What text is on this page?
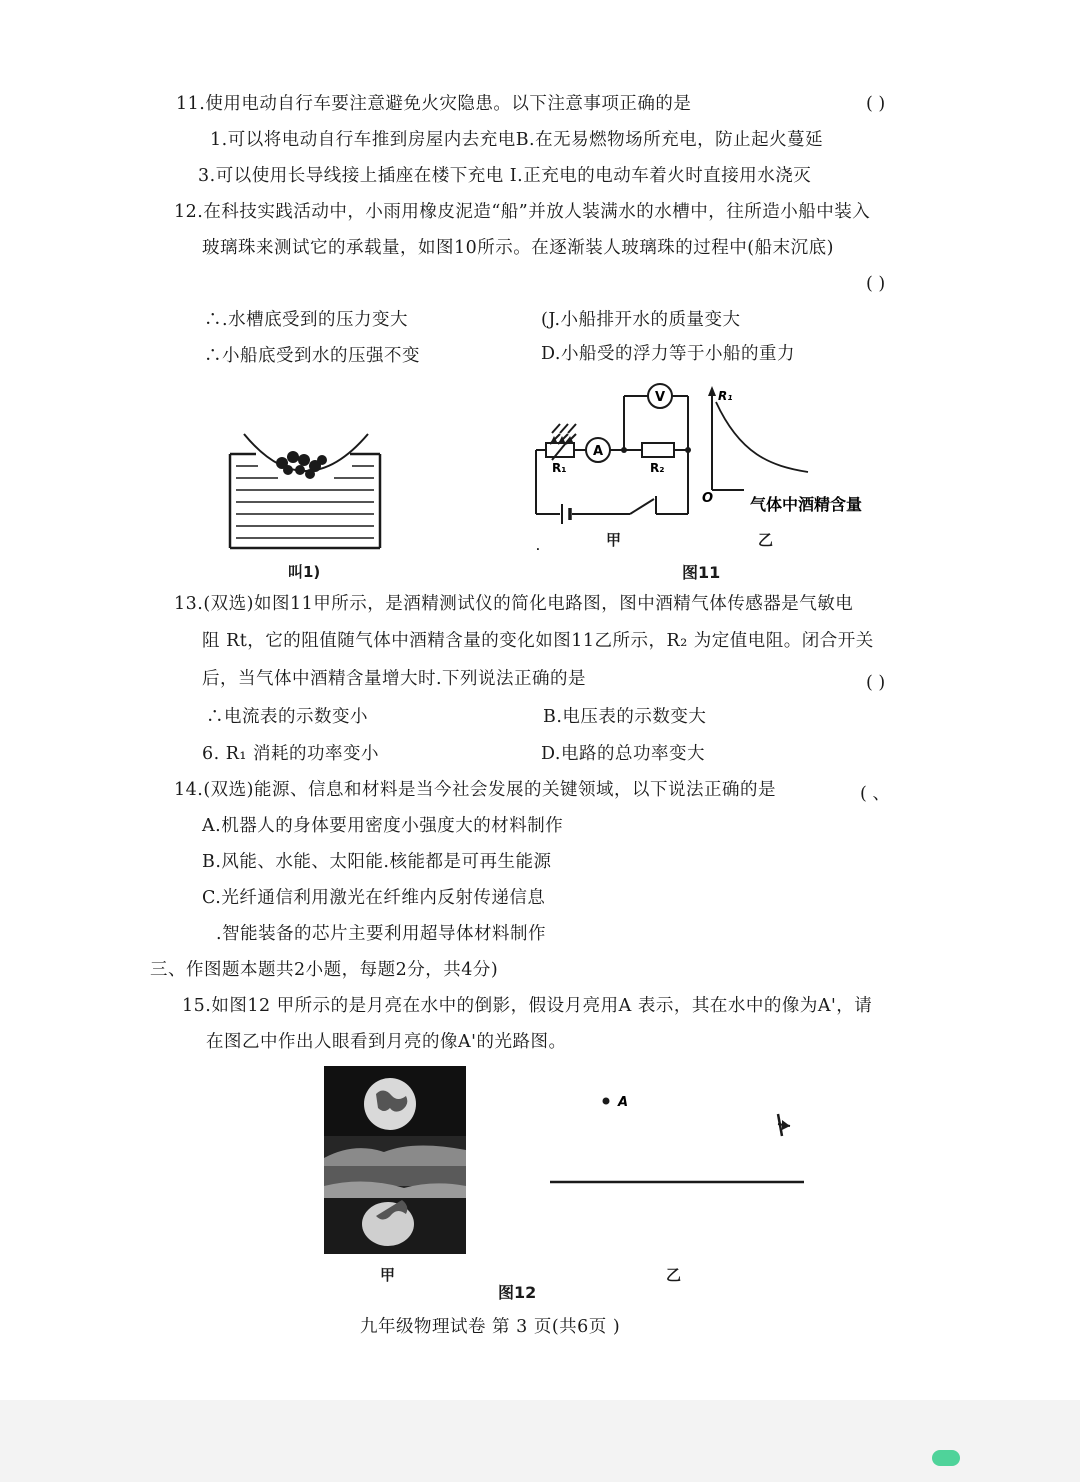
11.使用电动自行车要注意避免火灾隐患。以下注意事项正确的是	( )
1.可以将电动自行车推到房屋内去充电B.在无易燃物场所充电，防止起火蔓延
3.可以使用长导线接上插座在楼下充电 I.正充电的电动车着火时直接用水浇灭
12.在科技实践活动中，小雨用橡皮泥造“船”并放人装满水的水槽中，往所造小船中装入
玻璃珠来测试它的承载量，如图10所示。在逐渐装人玻璃珠的过程中(船末沉底)
( )
∴.水槽底受到的压力变大	(J.小船排开水的质量变大
∴小船底受到水的压强不变	D.小船受的浮力等于小船的重力
叫1)
A
V
R₁	R₂
R₁
O 气体中酒精含量
.	甲	乙
图11
13.(双选)如图11甲所示，是酒精测试仪的简化电路图，图中酒精气体传感器是气敏电
阻 Rt，它的阻值随气体中酒精含量的变化如图11乙所示，R₂ 为定值电阻。闭合开关
后，当气体中酒精含量增大时.下列说法正确的是	( )
∴电流表的示数变小	B.电压表的示数变大
6. R₁ 消耗的功率变小	D.电路的总功率变大
14.(双选)能源、信息和材料是当今社会发展的关键领域，以下说法正确的是	( 、
A.机器人的身体要用密度小强度大的材料制作
B.风能、水能、太阳能.核能都是可再生能源
C.光纤通信利用激光在纤维内反射传递信息
.智能装备的芯片主要利用超导体材料制作
三、作图题本题共2小题，每题2分，共4分)
15.如图12 甲所示的是月亮在水中的倒影，假设月亮用A 表示，其在水中的像为A'，请
在图乙中作出人眼看到月亮的像A'的光路图。
甲
A
乙
图12
九年级物理试卷 第 3 页(共6页 )
